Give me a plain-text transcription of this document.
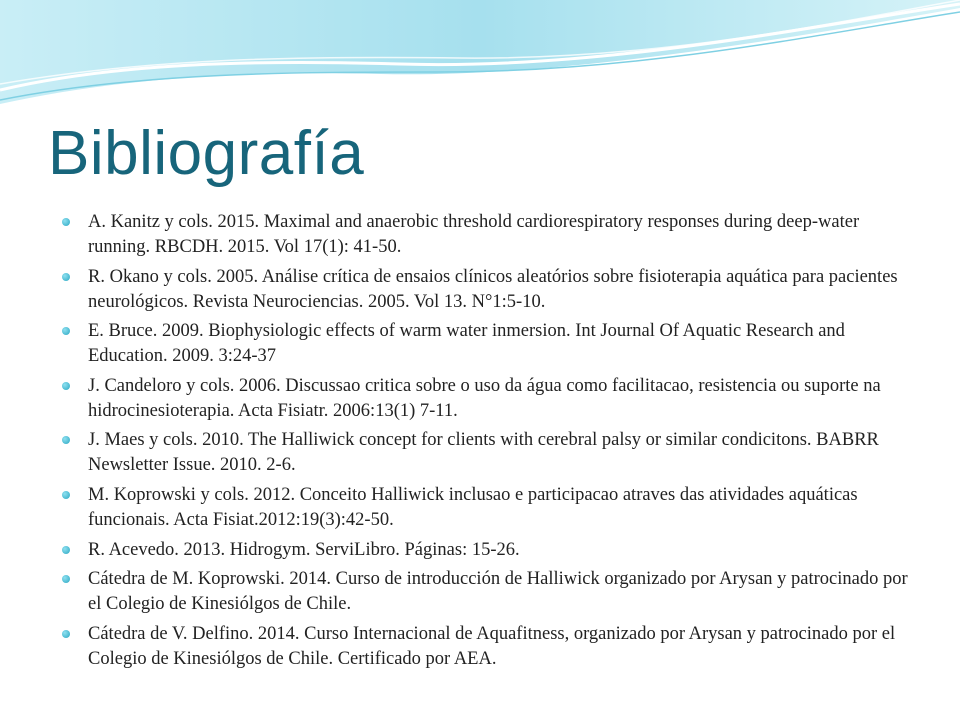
Bibliografía
A. Kanitz y cols. 2015. Maximal and anaerobic threshold cardiorespiratory responses during deep-water running. RBCDH. 2015. Vol 17(1): 41-50.
R. Okano y cols. 2005. Análise crítica de ensaios clínicos aleatórios sobre fisioterapia aquática para pacientes neurológicos. Revista Neurociencias. 2005. Vol 13. N°1:5-10.
E. Bruce. 2009. Biophysiologic effects of warm water inmersion. Int Journal Of Aquatic Research and Education. 2009. 3:24-37
J. Candeloro y cols. 2006. Discussao critica sobre o uso da água como facilitacao, resistencia ou suporte na hidrocinesioterapia. Acta Fisiatr. 2006:13(1) 7-11.
J. Maes y cols. 2010. The Halliwick concept for clients with cerebral palsy or similar condicitons. BABRR Newsletter Issue. 2010. 2-6.
M. Koprowski y cols. 2012. Conceito Halliwick inclusao e participacao atraves das atividades aquáticas funcionais. Acta Fisiat.2012:19(3):42-50.
R. Acevedo. 2013. Hidrogym. ServiLibro. Páginas: 15-26.
Cátedra de M. Koprowski. 2014. Curso de introducción de Halliwick organizado por Arysan y patrocinado por el Colegio de Kinesiólgos de Chile.
Cátedra de V. Delfino. 2014. Curso Internacional de Aquafitness, organizado por Arysan y patrocinado por el Colegio de Kinesiólgos de Chile. Certificado por AEA.
